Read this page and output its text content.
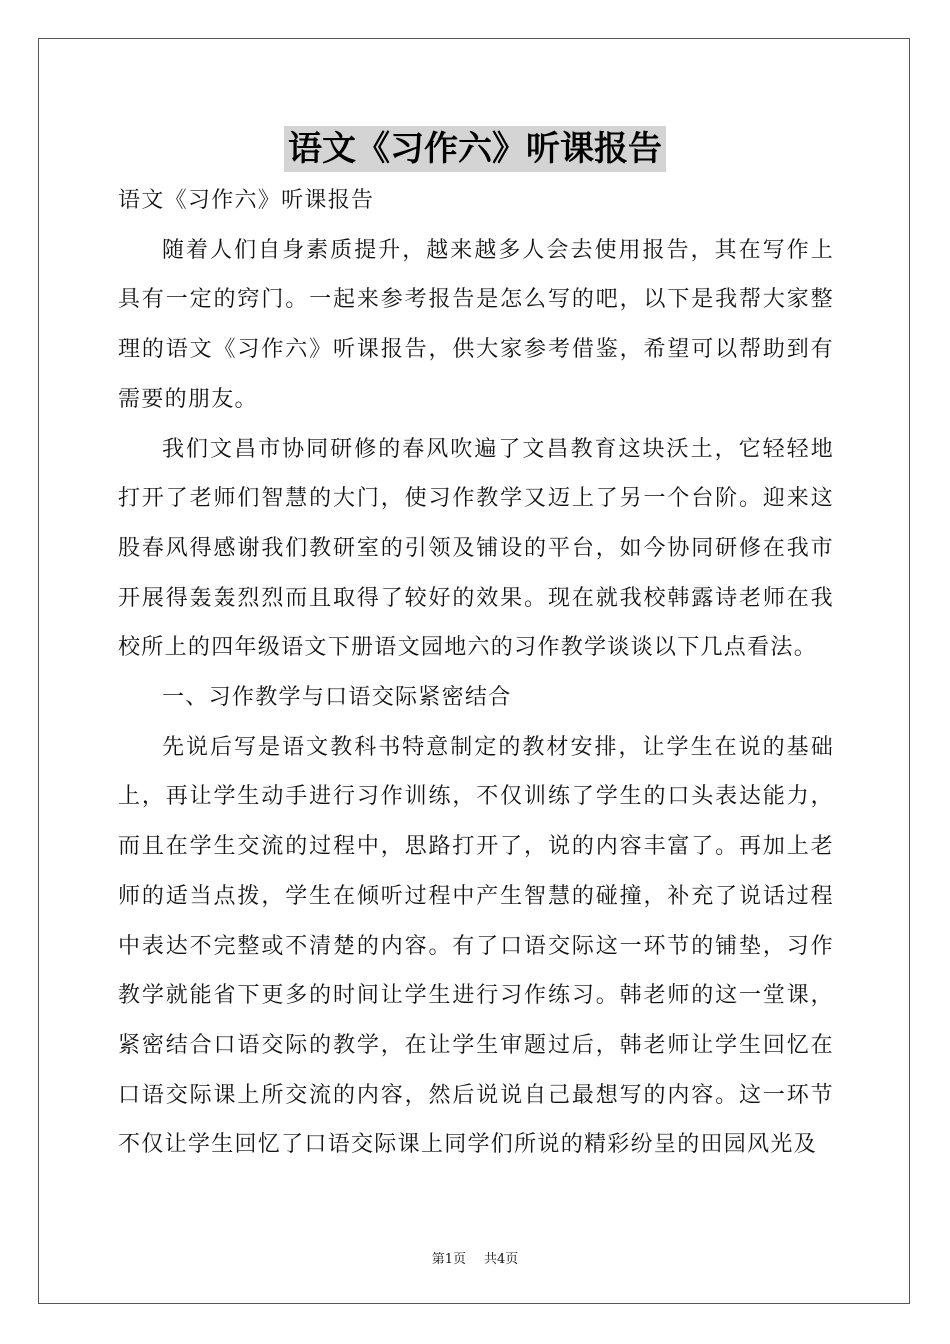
语文《习作六》听课报告

语文《习作六》听课报告

随着人们自身素质提升，越来越多人会去使用报告，其在写作上具有一定的窍门。一起来参考报告是怎么写的吧，以下是我帮大家整理的语文《习作六》听课报告，供大家参考借鉴，希望可以帮助到有需要的朋友。

我们文昌市协同研修的春风吹遍了文昌教育这块沃土，它轻轻地打开了老师们智慧的大门，使习作教学又迈上了另一个台阶。迎来这股春风得感谢我们教研室的引领及铺设的平台，如今协同研修在我市开展得轰轰烈烈而且取得了较好的效果。现在就我校韩露诗老师在我校所上的四年级语文下册语文园地六的习作教学谈谈以下几点看法。

一、习作教学与口语交际紧密结合

先说后写是语文教科书特意制定的教材安排，让学生在说的基础上，再让学生动手进行习作训练，不仅训练了学生的口头表达能力，而且在学生交流的过程中，思路打开了，说的内容丰富了。再加上老师的适当点拨，学生在倾听过程中产生智慧的碰撞，补充了说话过程中表达不完整或不清楚的内容。有了口语交际这一环节的铺垫，习作教学就能省下更多的时间让学生进行习作练习。韩老师的这一堂课，紧密结合口语交际的教学，在让学生审题过后，韩老师让学生回忆在口语交际课上所交流的内容，然后说说自己最想写的内容。这一环节不仅让学生回忆了口语交际课上同学们所说的精彩纷呈的田园风光及

第1页 共4页
